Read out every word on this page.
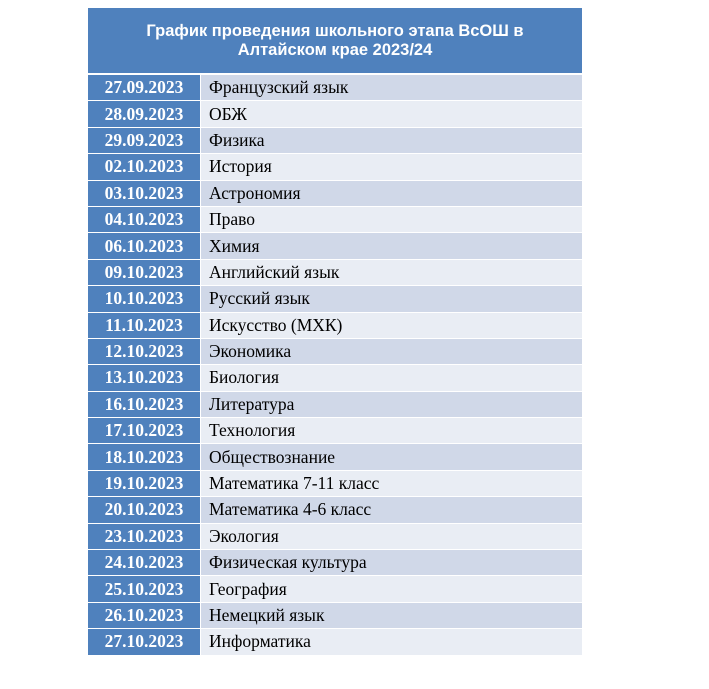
График проведения школьного этапа ВсОШ в Алтайском крае 2023/24	
27.09.2023	Французский язык
28.09.2023	ОБЖ
29.09.2023	Физика
02.10.2023	История
03.10.2023	Астрономия
04.10.2023	Право
06.10.2023	Химия
09.10.2023	Английский язык
10.10.2023	Русский язык
11.10.2023	Искусство (МХК)
12.10.2023	Экономика
13.10.2023	Биология
16.10.2023	Литература
17.10.2023	Технология
18.10.2023	Обществознание
19.10.2023	Математика 7-11 класс
20.10.2023	Математика 4-6 класс
23.10.2023	Экология
24.10.2023	Физическая культура
25.10.2023	География
26.10.2023	Немецкий язык
27.10.2023	Информатика
